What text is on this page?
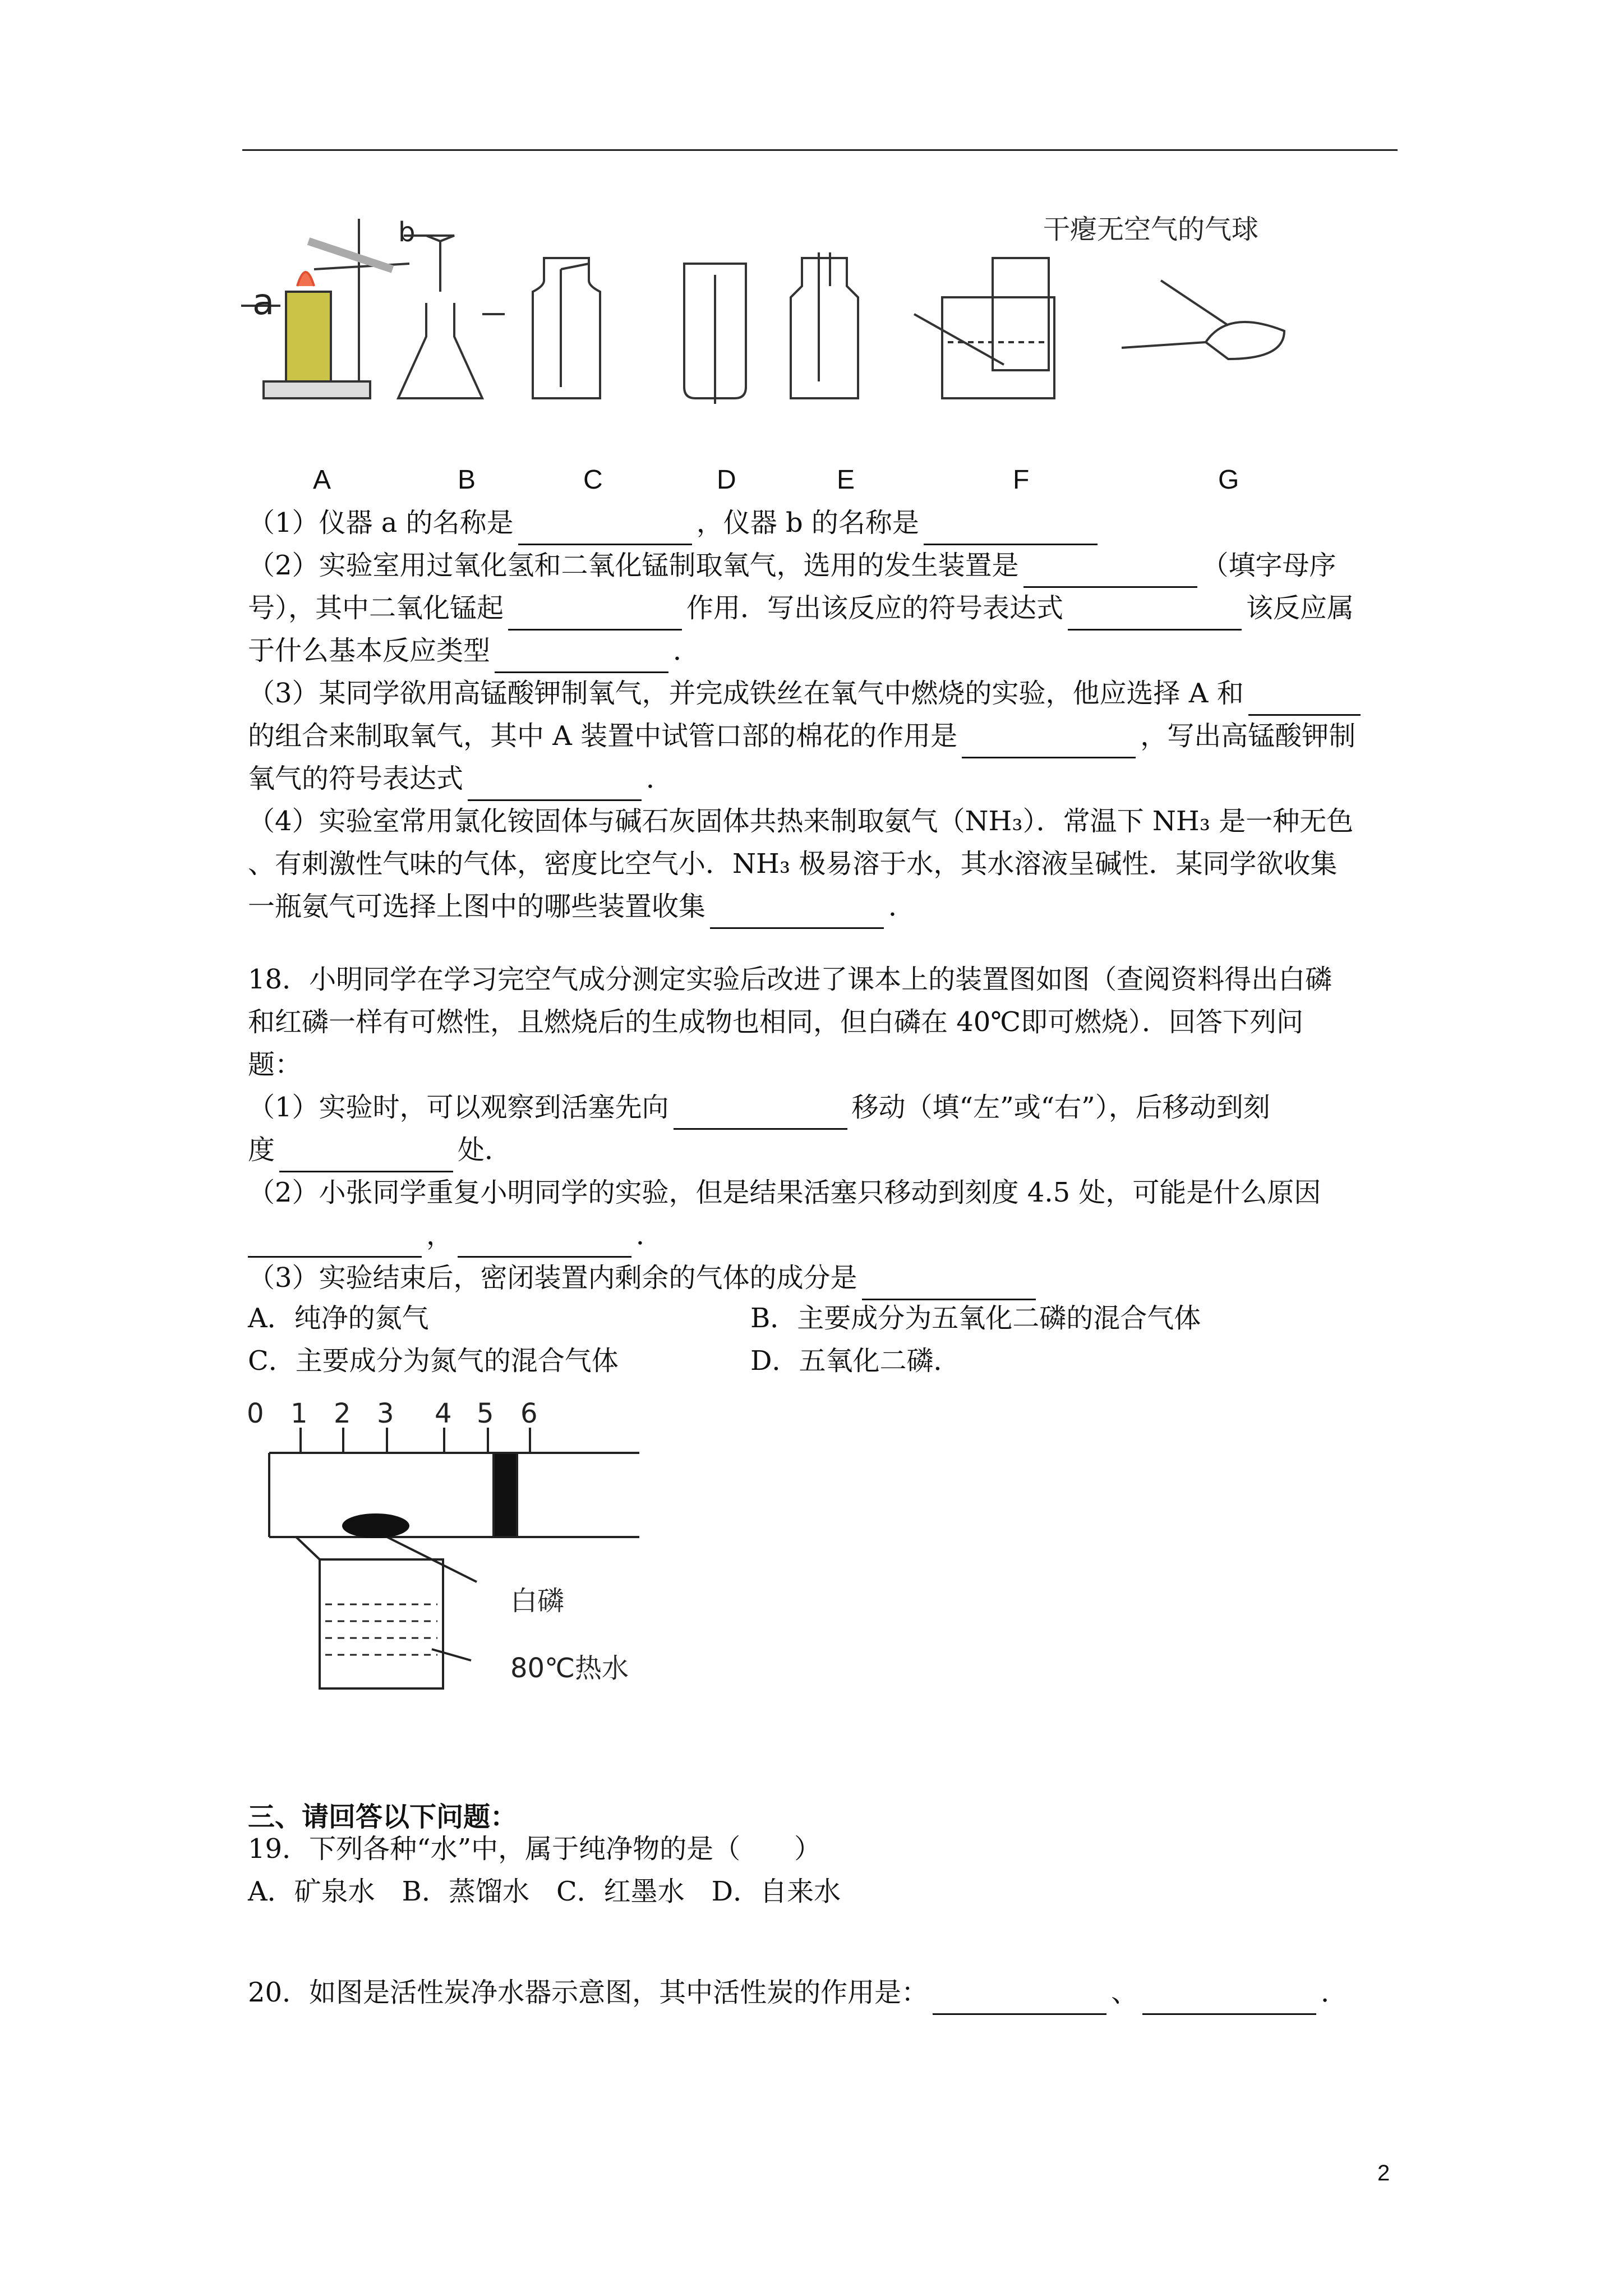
a
b	干瘪无空气的气球
A	B	C	D	E	F	G
（1）仪器 a 的名称是	，仪器 b 的名称是
（2）实验室用过氧化氢和二氧化锰制取氧气，选用的发生装置是	（填字母序
号），其中二氧化锰起	作用．写出该反应的符号表达式	该反应属
于什么基本反应类型	．
（3）某同学欲用高锰酸钾制氧气，并完成铁丝在氧气中燃烧的实验，他应选择 A 和
的组合来制取氧气，其中 A 装置中试管口部的棉花的作用是	，写出高锰酸钾制
氧气的符号表达式	．
（4）实验室常用氯化铵固体与碱石灰固体共热来制取氨气（NH₃）．常温下 NH₃ 是一种无色
、有刺激性气味的气体，密度比空气小．NH₃ 极易溶于水，其水溶液呈碱性．某同学欲收集
一瓶氨气可选择上图中的哪些装置收集	．
18．小明同学在学习完空气成分测定实验后改进了课本上的装置图如图（查阅资料得出白磷
和红磷一样有可燃性，且燃烧后的生成物也相同，但白磷在 40℃即可燃烧）．回答下列问
题：
（1）实验时，可以观察到活塞先向	移动（填“左”或“右”），后移动到刻
度	处．
（2）小张同学重复小明同学的实验，但是结果活塞只移动到刻度 4.5 处，可能是什么原因
，	．
（3）实验结束后，密闭装置内剩余的气体的成分是
A．纯净的氮气	B．主要成分为五氧化二磷的混合气体
C．主要成分为氮气的混合气体	D．五氧化二磷．
0 1 2 3 4 5 6
白磷
80℃热水
三、请回答以下问题：
19．下列各种“水”中，属于纯净物的是（　　）
A．矿泉水　B．蒸馏水　C．红墨水　D．自来水
20．如图是活性炭净水器示意图，其中活性炭的作用是：	、	．
2
